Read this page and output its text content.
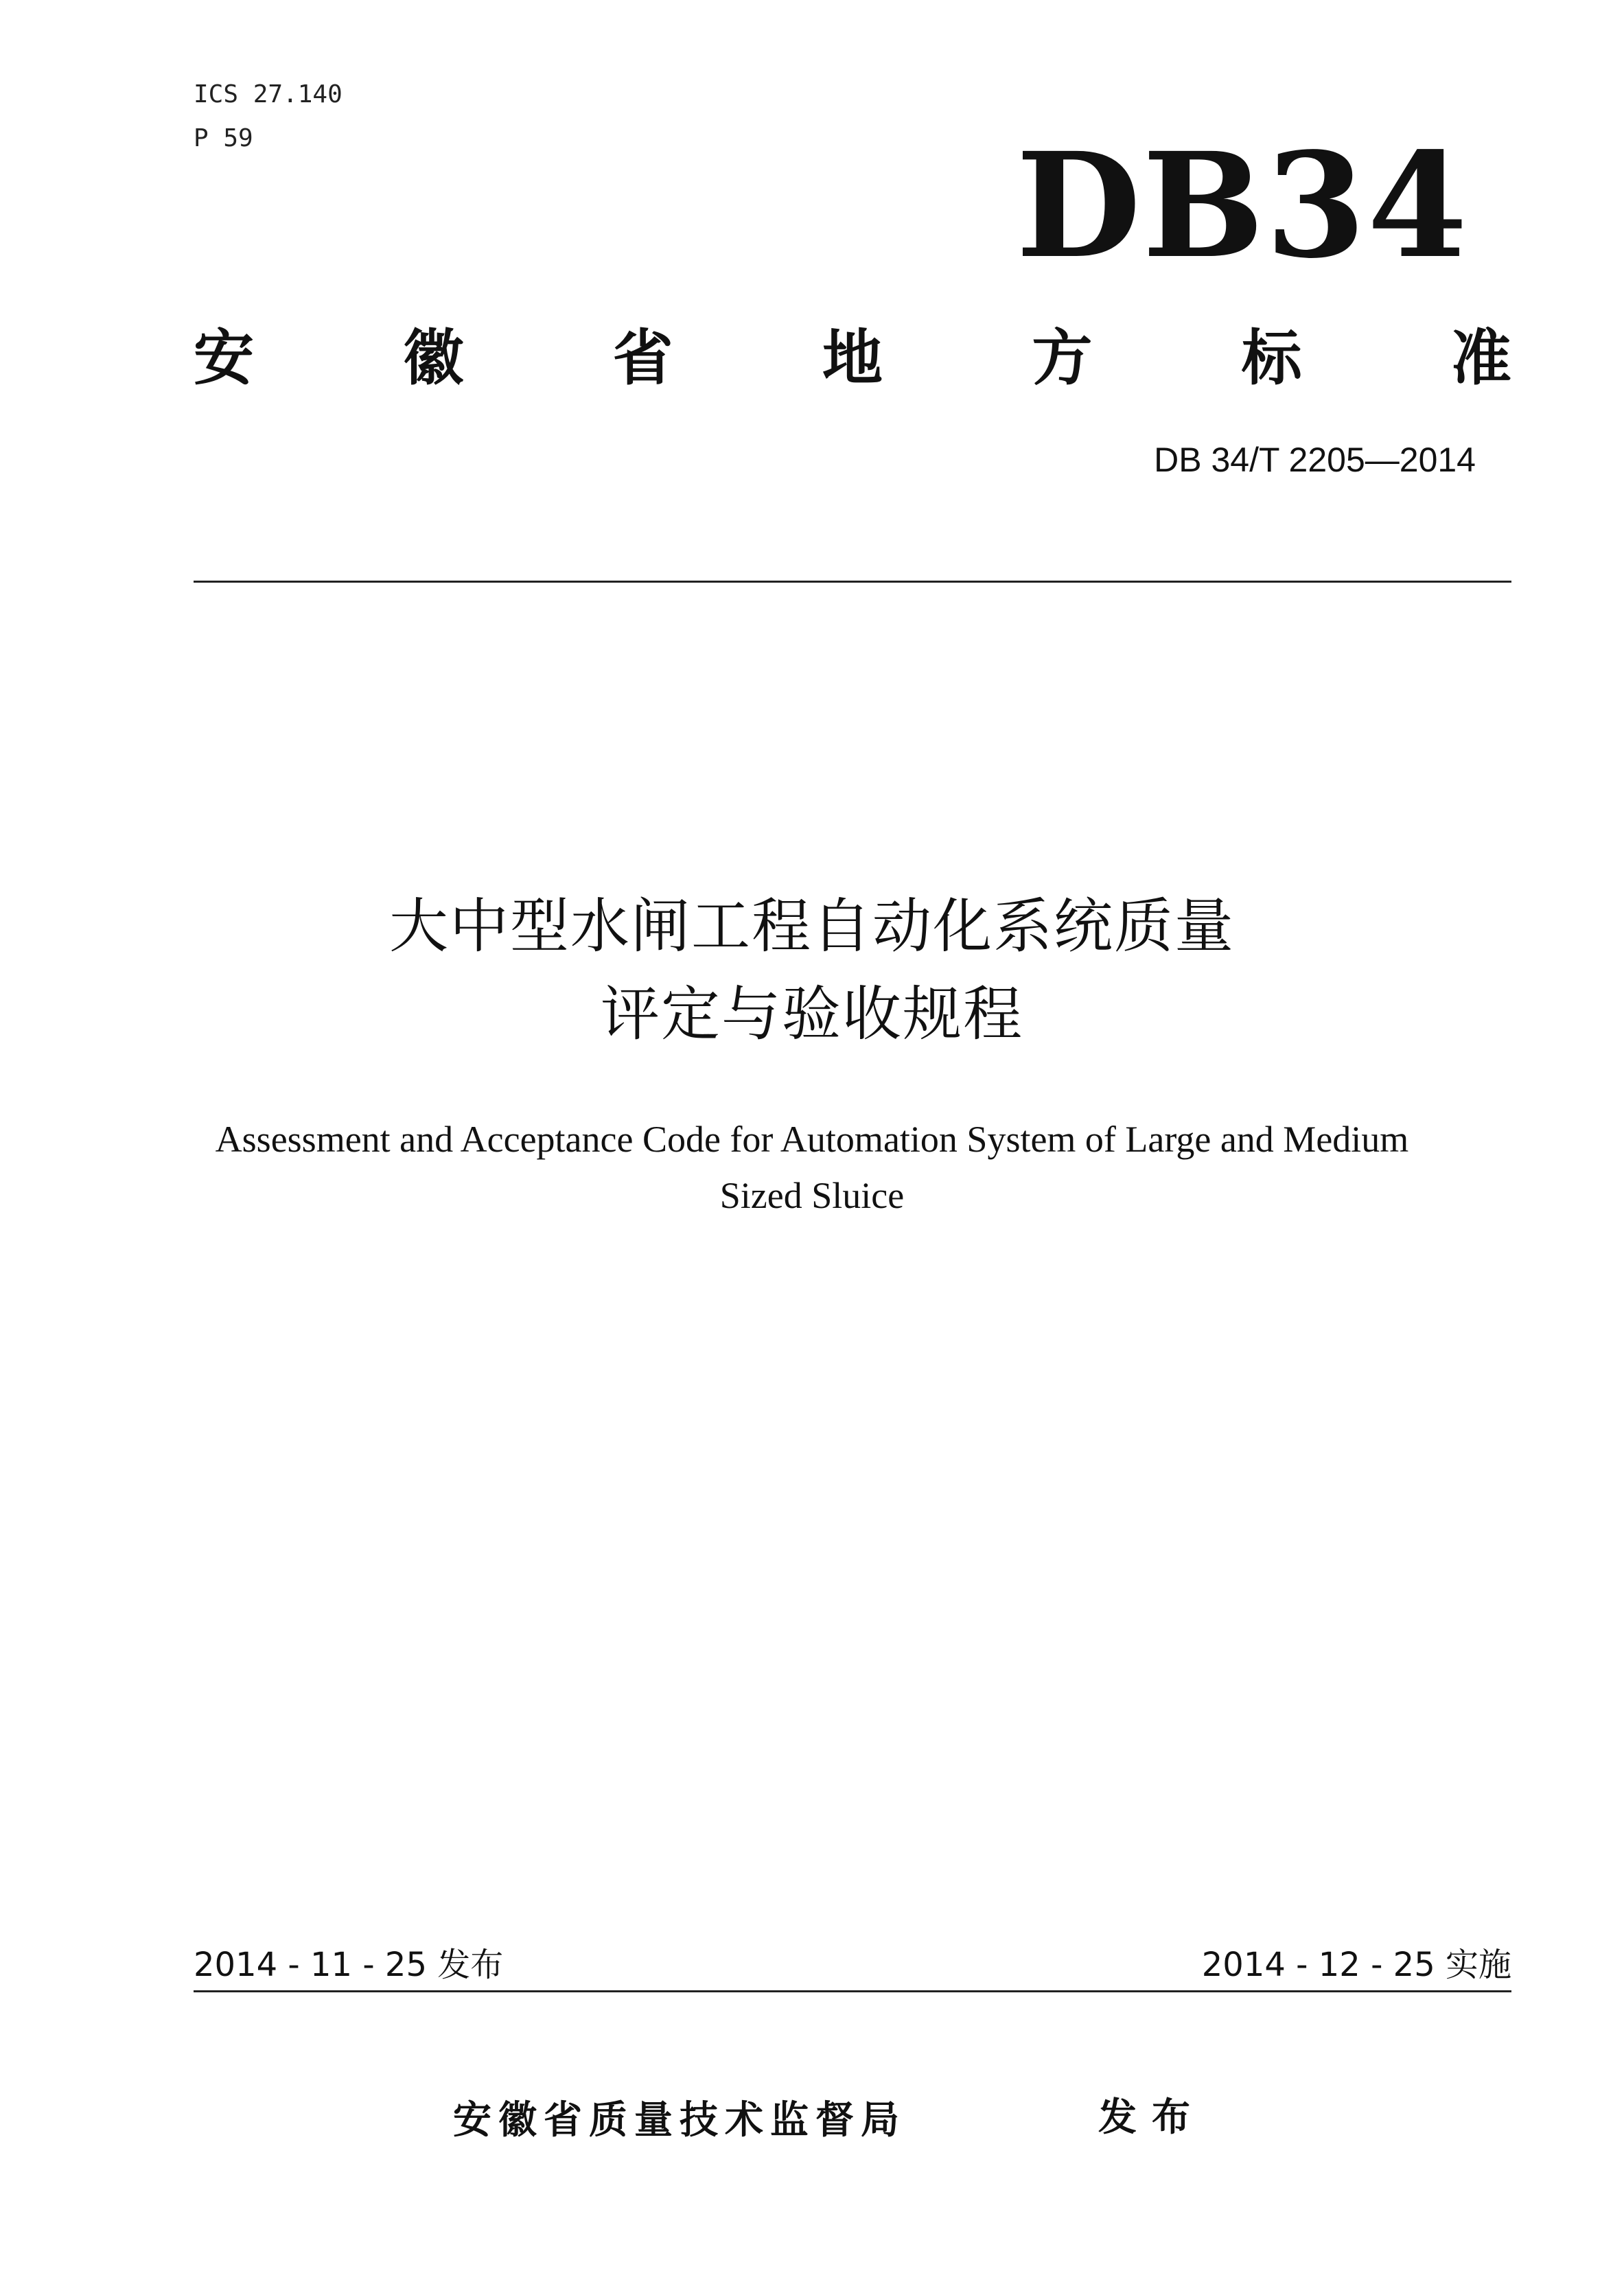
ICS 27.140
P 59	DB34
安 徽 省 地 方 标 准
DB 34/T 2205—2014
大中型水闸工程自动化系统质量
评定与验收规程
Assessment and Acceptance Code for Automation System of Large and Medium
Sized Sluice
2014 - 11 - 25 发布	2014 - 12 - 25 实施
安徽省质量技术监督局	发布
